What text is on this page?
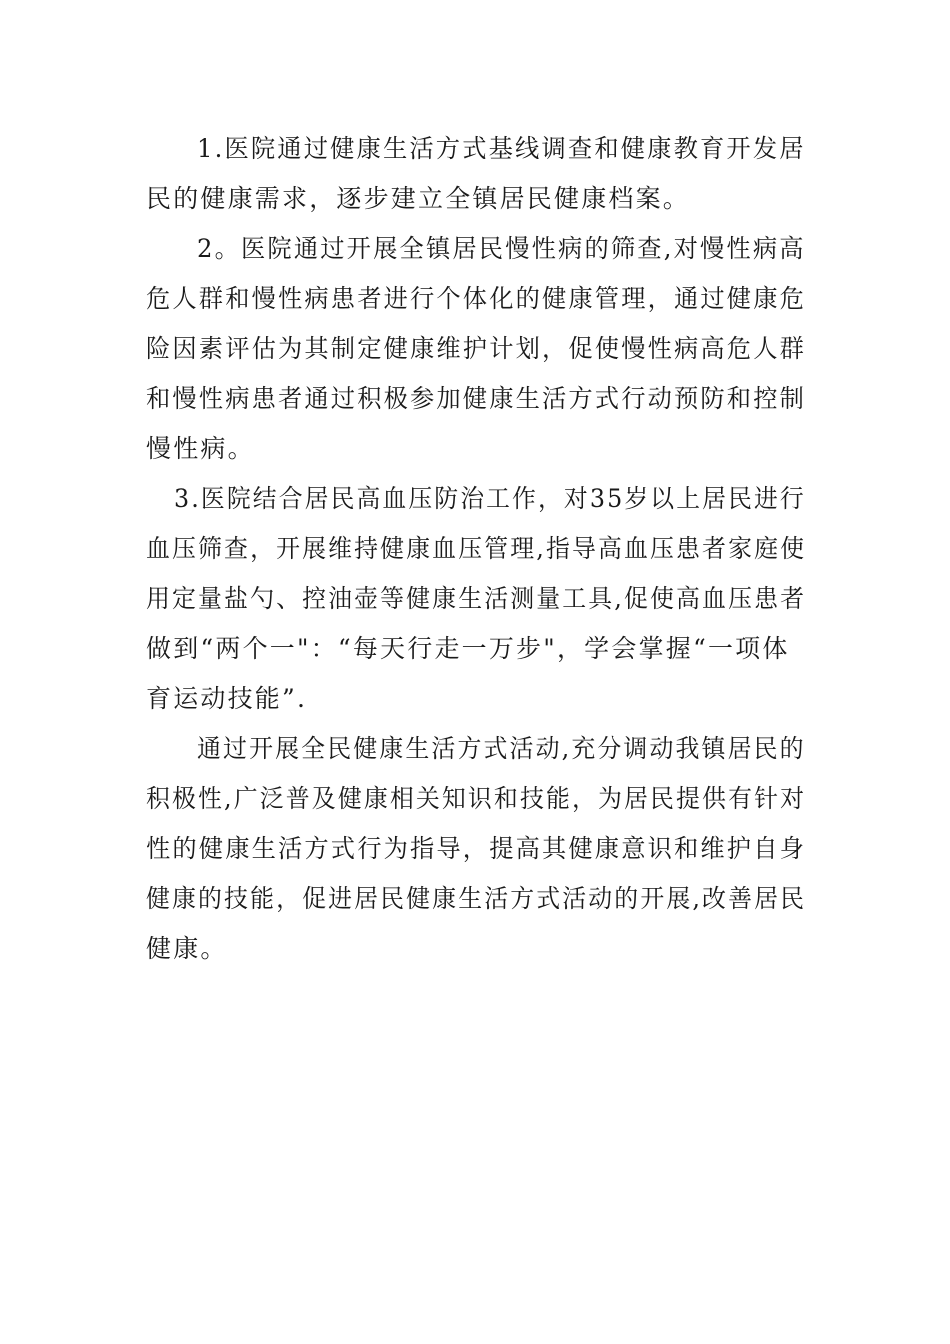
1.医院通过健康生活方式基线调查和健康教育开发居
民的健康需求，逐步建立全镇居民健康档案。
2。医院通过开展全镇居民慢性病的筛查,对慢性病高
危人群和慢性病患者进行个体化的健康管理，通过健康危
险因素评估为其制定健康维护计划，促使慢性病高危人群
和慢性病患者通过积极参加健康生活方式行动预防和控制
慢性病。
3.医院结合居民高血压防治工作，对35岁以上居民进行
血压筛查，开展维持健康血压管理,指导高血压患者家庭使
用定量盐勺、控油壶等健康生活测量工具,促使高血压患者
做到“两个一"：“每天行走一万步"，学会掌握“一项体
育运动技能”.
通过开展全民健康生活方式活动,充分调动我镇居民的
积极性,广泛普及健康相关知识和技能，为居民提供有针对
性的健康生活方式行为指导，提高其健康意识和维护自身
健康的技能，促进居民健康生活方式活动的开展,改善居民
健康。
